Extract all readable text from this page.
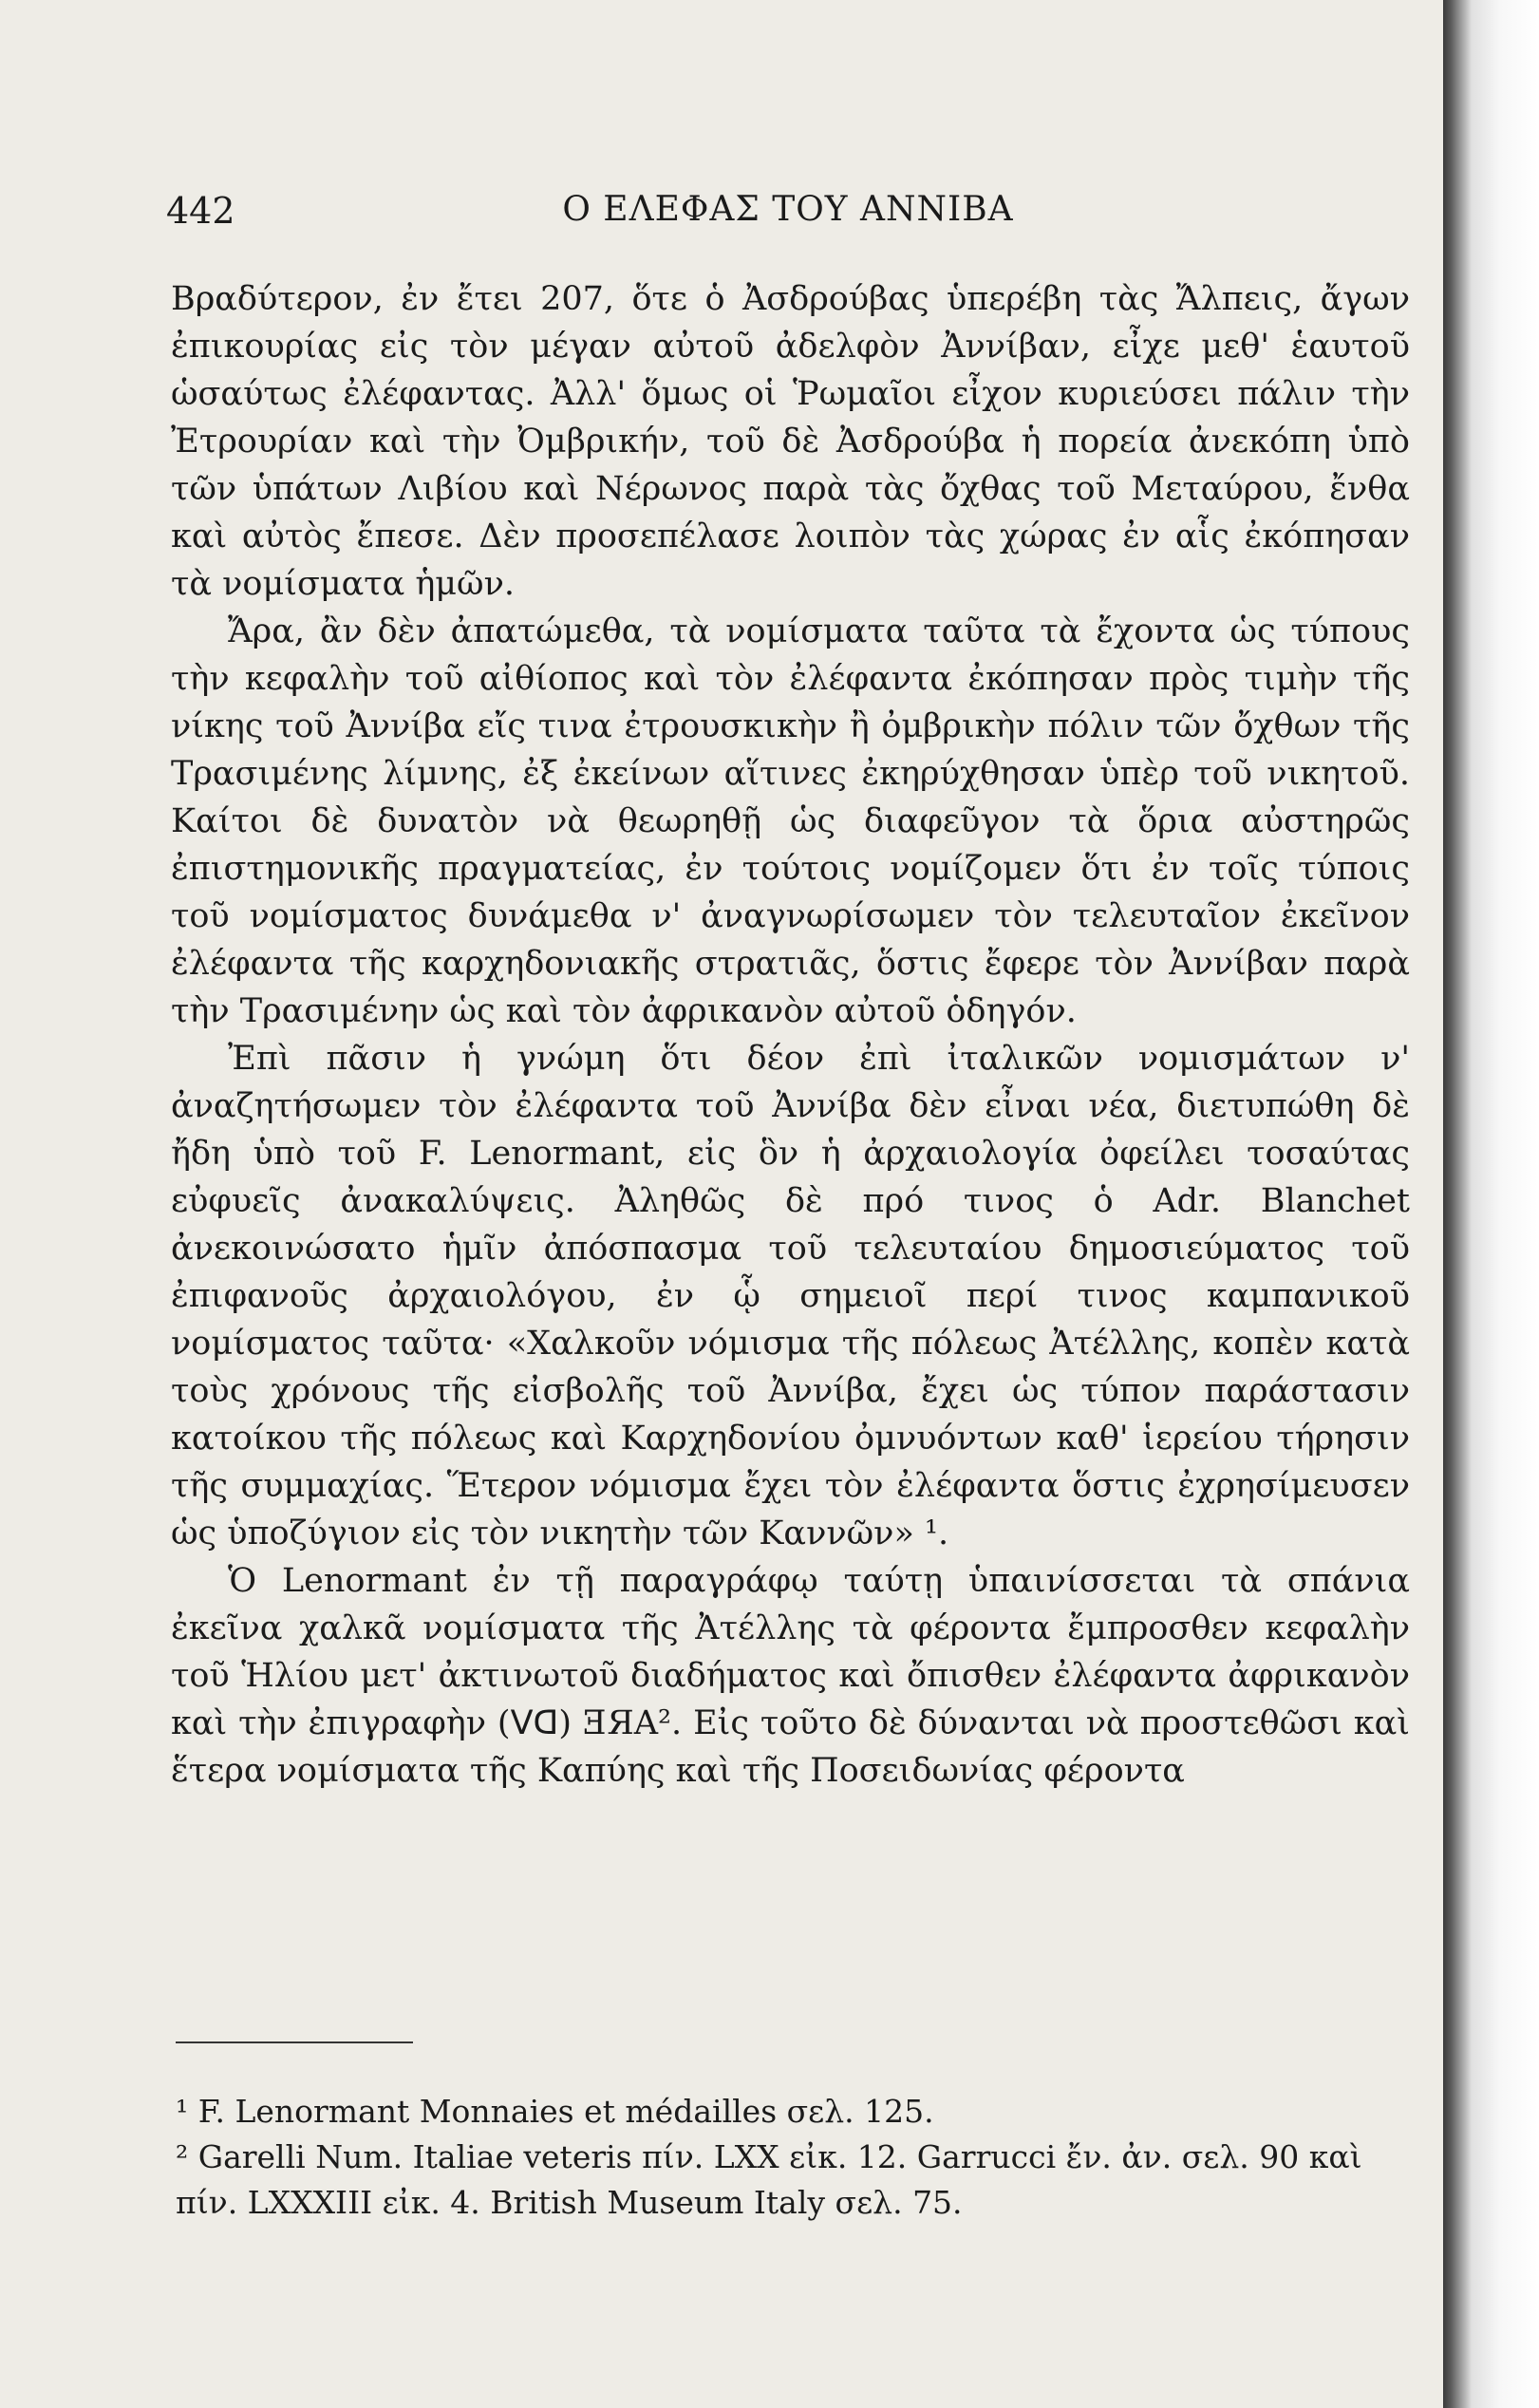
442	Ο ΕΛΕΦΑΣ ΤΟΥ ΑΝΝΙΒΑ

Βραδύτερον, ἐν ἔτει 207, ὅτε ὁ Ἀσδρούβας ὑπερέβη τὰς Ἄλπεις, ἄγων ἐπικουρίας εἰς τὸν μέγαν αὐτοῦ ἀδελφὸν Ἀννίβαν, εἶχε μεθ' ἑαυτοῦ ὡσαύτως ἐλέφαντας. Ἀλλ' ὅμως οἱ Ῥωμαῖοι εἶχον κυριεύσει πάλιν τὴν Ἐτρουρίαν καὶ τὴν Ὀμβρικήν, τοῦ δὲ Ἀσδρούβα ἡ πορεία ἀνεκόπη ὑπὸ τῶν ὑπάτων Λιβίου καὶ Νέρωνος παρὰ τὰς ὄχθας τοῦ Μεταύρου, ἔνθα καὶ αὐτὸς ἔπεσε. Δὲν προσεπέλασε λοιπὸν τὰς χώρας ἐν αἷς ἐκόπησαν τὰ νομίσματα ἡμῶν.

Ἄρα, ἂν δὲν ἀπατώμεθα, τὰ νομίσματα ταῦτα τὰ ἔχοντα ὡς τύπους τὴν κεφαλὴν τοῦ αἰθίοπος καὶ τὸν ἐλέφαντα ἐκόπησαν πρὸς τιμὴν τῆς νίκης τοῦ Ἀννίβα εἴς τινα ἐτρουσκικὴν ἢ ὀμβρικὴν πόλιν τῶν ὄχθων τῆς Τρασιμένης λίμνης, ἐξ ἐκείνων αἵτινες ἐκηρύχθησαν ὑπὲρ τοῦ νικητοῦ. Καίτοι δὲ δυνατὸν νὰ θεωρηθῇ ὡς διαφεῦγον τὰ ὅρια αὐστηρῶς ἐπιστημονικῆς πραγματείας, ἐν τούτοις νομίζομεν ὅτι ἐν τοῖς τύποις τοῦ νομίσματος δυνάμεθα ν' ἀναγνωρίσωμεν τὸν τελευταῖον ἐκεῖνον ἐλέφαντα τῆς καρχηδονιακῆς στρατιᾶς, ὅστις ἔφερε τὸν Ἀννίβαν παρὰ τὴν Τρασιμένην ὡς καὶ τὸν ἀφρικανὸν αὐτοῦ ὁδηγόν.

Ἐπὶ πᾶσιν ἡ γνώμη ὅτι δέον ἐπὶ ἰταλικῶν νομισμάτων ν' ἀναζητήσωμεν τὸν ἐλέφαντα τοῦ Ἀννίβα δὲν εἶναι νέα, διετυπώθη δὲ ἤδη ὑπὸ τοῦ F. Lenormant, εἰς ὃν ἡ ἀρχαιολογία ὀφείλει τοσαύτας εὐφυεῖς ἀνακαλύψεις. Ἀληθῶς δὲ πρό τινος ὁ Adr. Blanchet ἀνεκοινώσατο ἡμῖν ἀπόσπασμα τοῦ τελευταίου δημοσιεύματος τοῦ ἐπιφανοῦς ἀρχαιολόγου, ἐν ᾧ σημειοῖ περί τινος καμπανικοῦ νομίσματος ταῦτα· «Χαλκοῦν νόμισμα τῆς πόλεως Ἀτέλλης, κοπὲν κατὰ τοὺς χρόνους τῆς εἰσβολῆς τοῦ Ἀννίβα, ἔχει ὡς τύπον παράστασιν κατοίκου τῆς πόλεως καὶ Καρχηδονίου ὀμνυόντων καθ' ἱερείου τήρησιν τῆς συμμαχίας. Ἕτερον νόμισμα ἔχει τὸν ἐλέφαντα ὅστις ἐχρησίμευσεν ὡς ὑποζύγιον εἰς τὸν νικητὴν τῶν Καννῶν» ¹.

Ὁ Lenormant ἐν τῇ παραγράφῳ ταύτῃ ὑπαινίσσεται τὰ σπάνια ἐκεῖνα χαλκᾶ νομίσματα τῆς Ἀτέλλης τὰ φέροντα ἔμπροσθεν κεφαλὴν τοῦ Ἡλίου μετ' ἀκτινωτοῦ διαδήματος καὶ ὄπισθεν ἐλέφαντα ἀφρικανὸν καὶ τὴν ἐπιγραφὴν (ᐯᗡ) ƎЯA². Εἰς τοῦτο δὲ δύνανται νὰ προστεθῶσι καὶ ἕτερα νομίσματα τῆς Καπύης καὶ τῆς Ποσειδωνίας φέροντα

¹ F. Lenormant Monnaies et médailles σελ. 125.
² Garelli Num. Italiae veteris πίν. LXX εἰκ. 12. Garrucci ἔν. ἀν. σελ. 90 καὶ πίν. LXXXIII εἰκ. 4. British Museum Italy σελ. 75.
